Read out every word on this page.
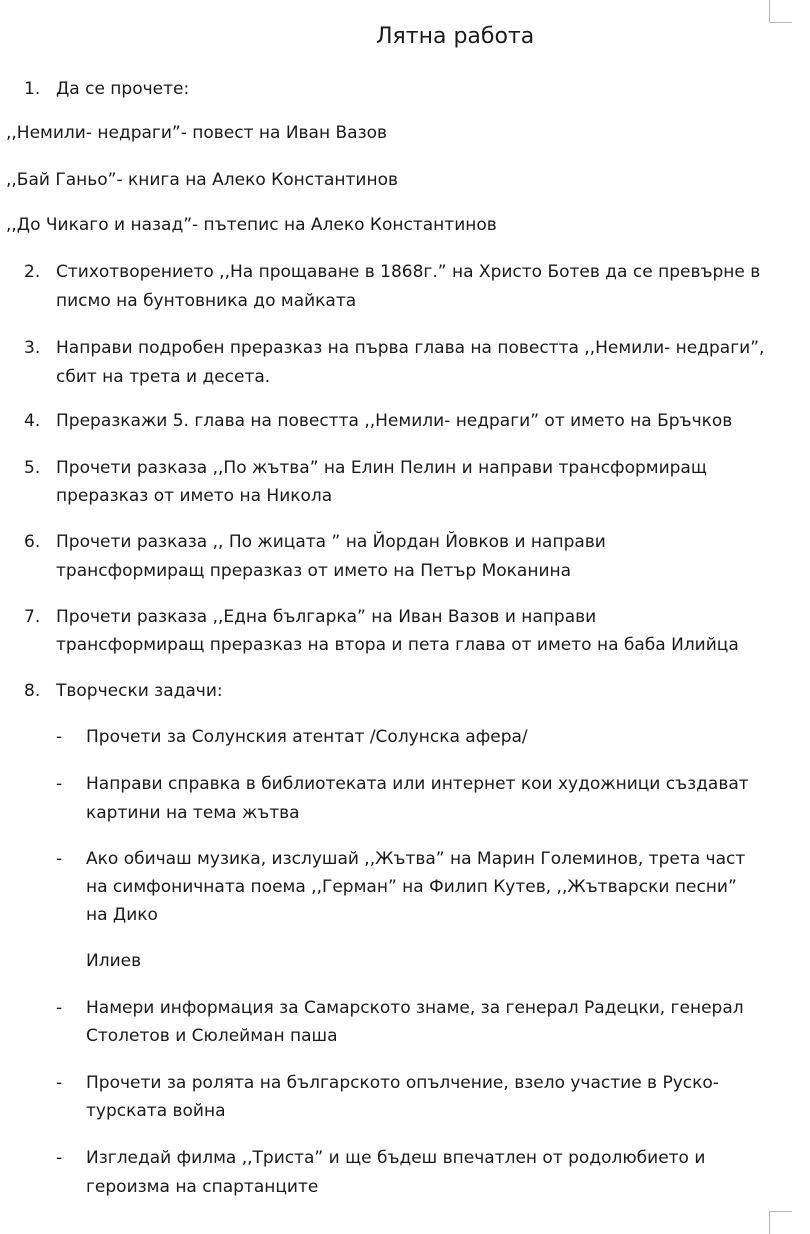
Лятна работа
1. Да се прочете:
,,Немили- недраги”- повест на Иван Вазов
,,Бай Ганьо”- книга на Алеко Константинов
,,До Чикаго и назад”- пътепис на Алеко Константинов
2. Стихотворението ,,На прощаване в 1868г.” на Христо Ботев да се превърне в
писмо на бунтовника до майката
3. Направи подробен преразказ на първа глава на повестта ,,Немили- недраги”,
сбит на трета и десета.
4. Преразкажи 5. глава на повестта ,,Немили- недраги” от името на Бръчков
5. Прочети разказа ,,По жътва” на Елин Пелин и направи трансформиращ
преразказ от името на Никола
6. Прочети разказа ,, По жицата ” на Йордан Йовков и направи
трансформиращ преразказ от името на Петър Моканина
7. Прочети разказа ,,Една българка” на Иван Вазов и направи
трансформиращ преразказ на втора и пета глава от името на баба Илийца
8. Творчески задачи:
- Прочети за Солунския атентат /Солунска афера/
- Направи справка в библиотеката или интернет кои художници създават
картини на тема жътва
- Ако обичаш музика, изслушай ,,Жътва” на Марин Големинов, трета част
на симфоничната поема ,,Герман” на Филип Кутев, ,,Жътварски песни”
на Дико
Илиев
- Намери информация за Самарското знаме, за генерал Радецки, генерал
Столетов и Сюлейман паша
- Прочети за ролята на българското опълчение, взело участие в Руско-
турската война
- Изгледай филма ,,Триста” и ще бъдеш впечатлен от родолюбието и
героизма на спартанците
